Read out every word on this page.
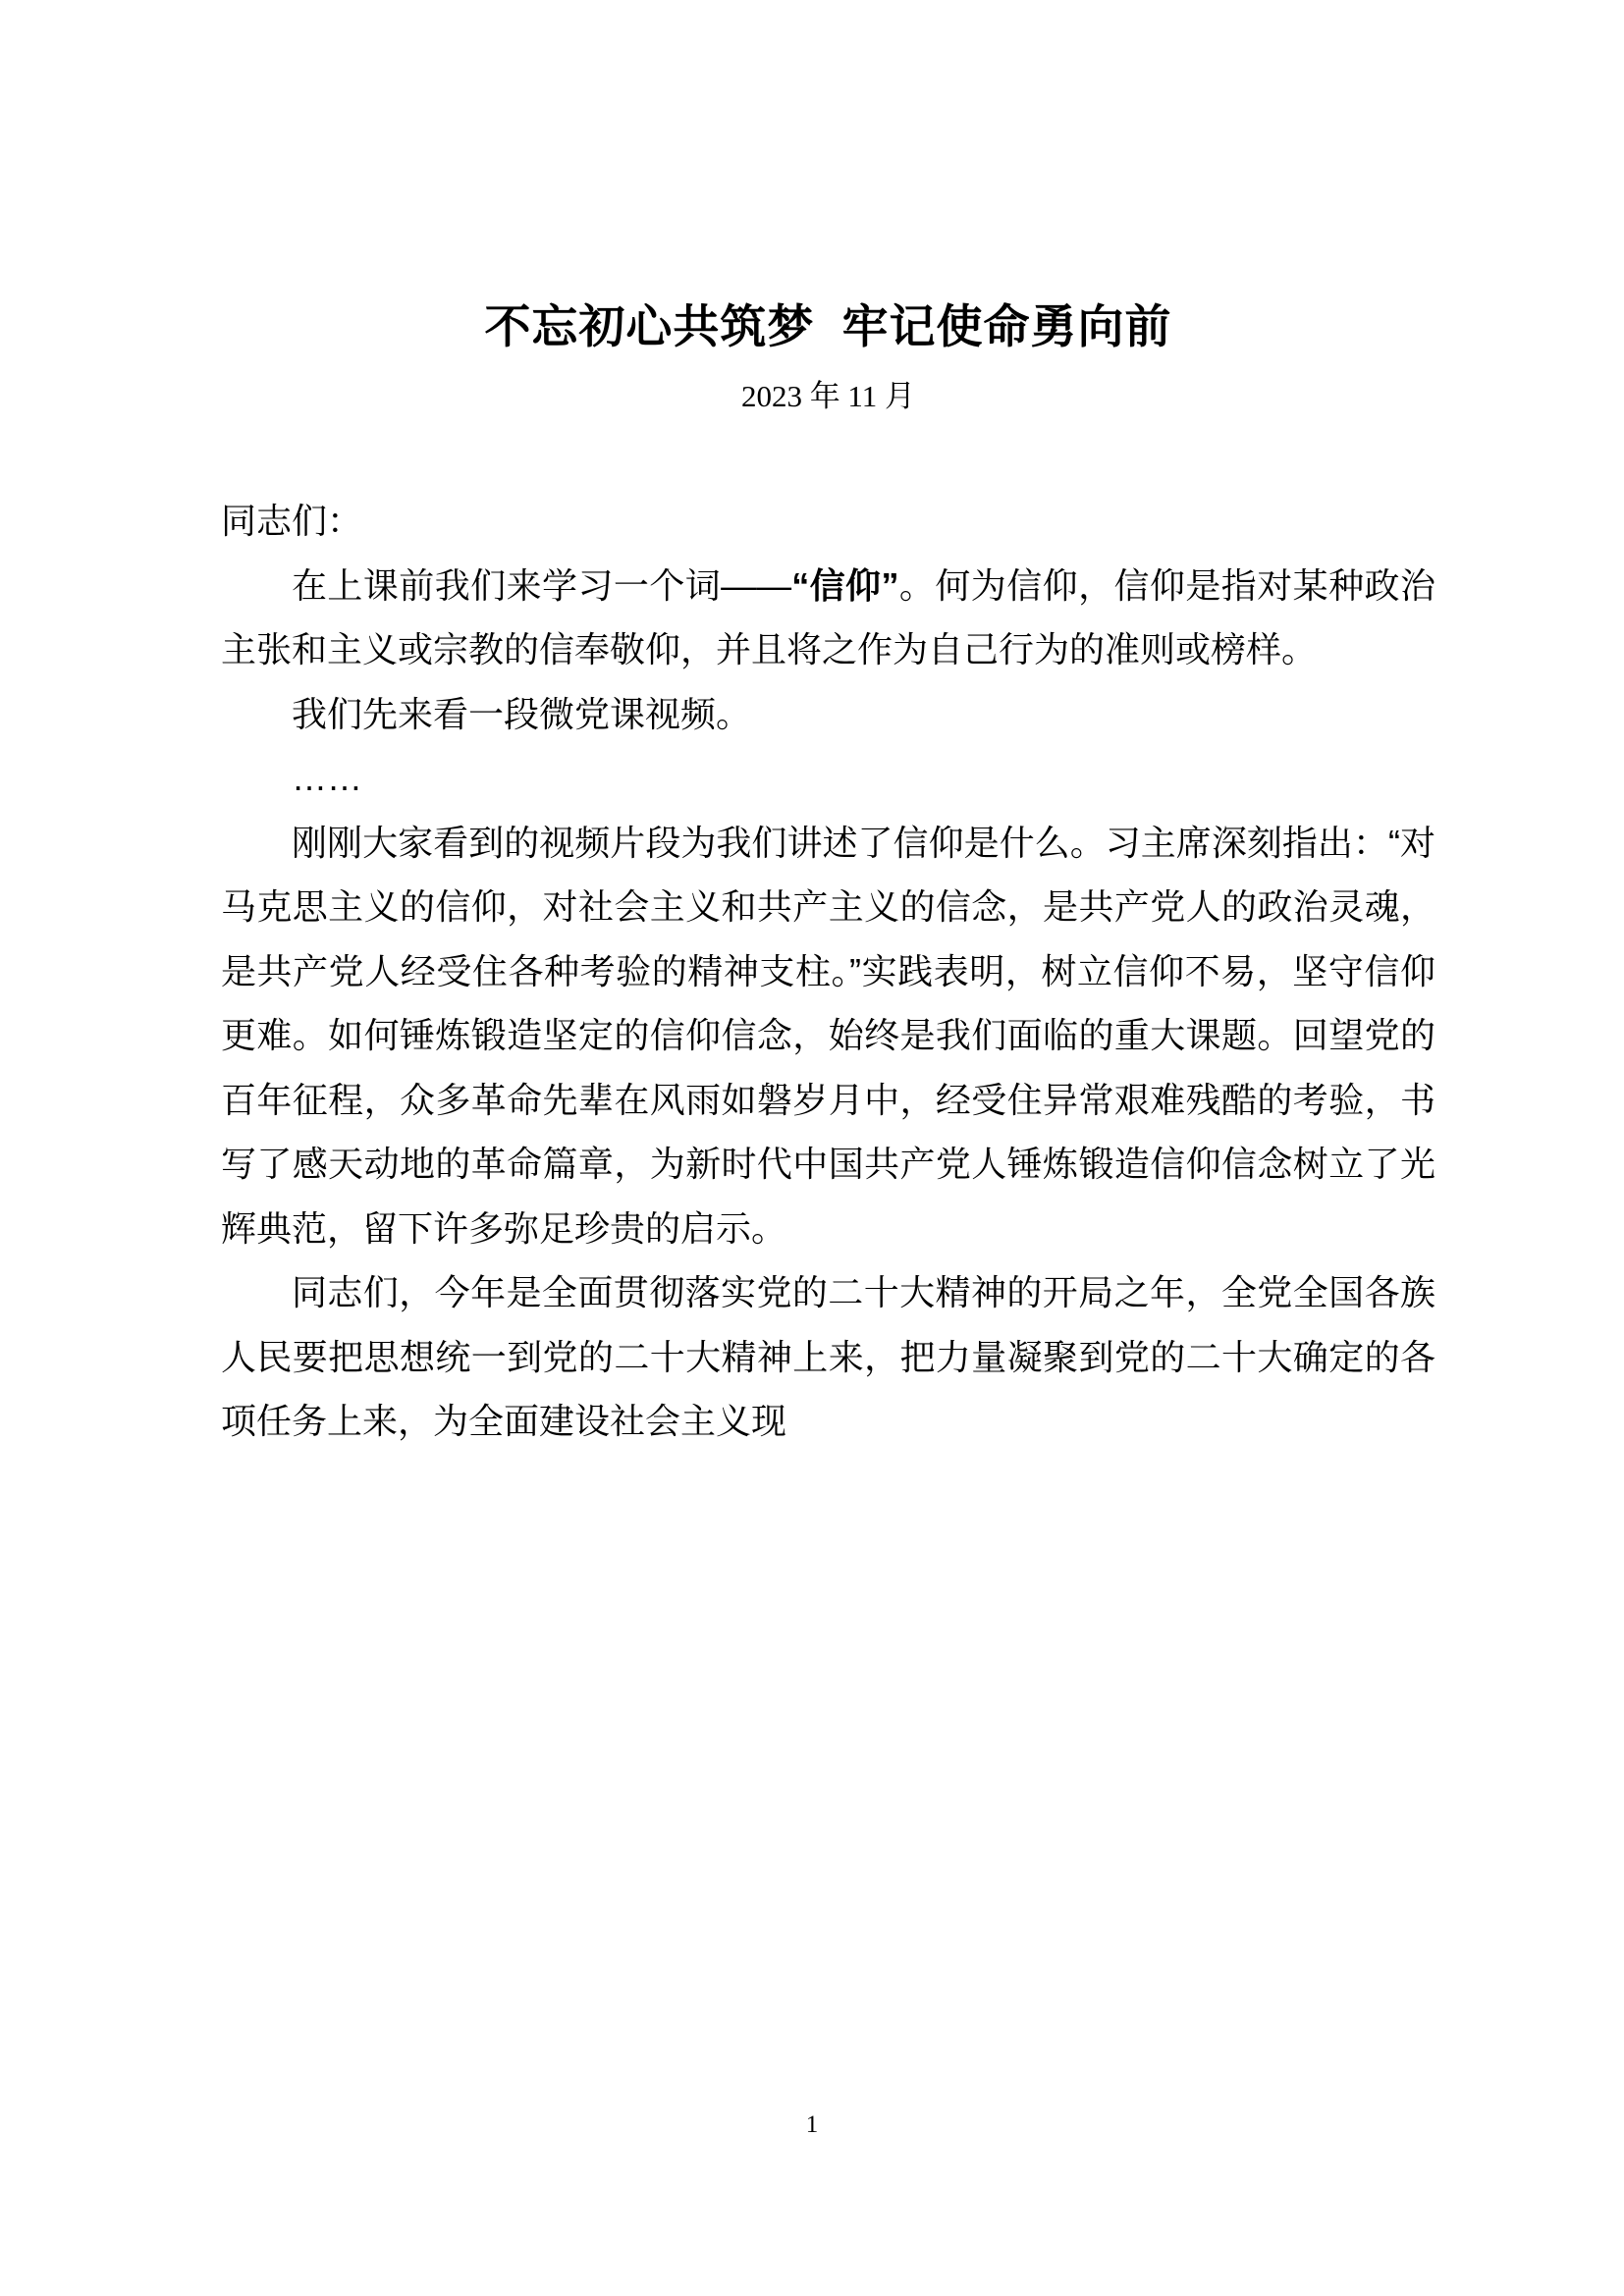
不忘初心共筑梦  牢记使命勇向前
2023 年 11 月

同志们：

在上课前我们来学习一个词——“信仰”。何为信仰，信仰是指对某种政治主张和主义或宗教的信奉敬仰，并且将之作为自己行为的准则或榜样。

我们先来看一段微党课视频。

……

刚刚大家看到的视频片段为我们讲述了信仰是什么。习主席深刻指出：“对马克思主义的信仰，对社会主义和共产主义的信念，是共产党人的政治灵魂，是共产党人经受住各种考验的精神支柱。”实践表明，树立信仰不易，坚守信仰更难。如何锤炼锻造坚定的信仰信念，始终是我们面临的重大课题。回望党的百年征程，众多革命先辈在风雨如磐岁月中，经受住异常艰难残酷的考验，书写了感天动地的革命篇章，为新时代中国共产党人锤炼锻造信仰信念树立了光辉典范，留下许多弥足珍贵的启示。

同志们，今年是全面贯彻落实党的二十大精神的开局之年，全党全国各族人民要把思想统一到党的二十大精神上来，把力量凝聚到党的二十大确定的各项任务上来，为全面建设社会主义现

1
